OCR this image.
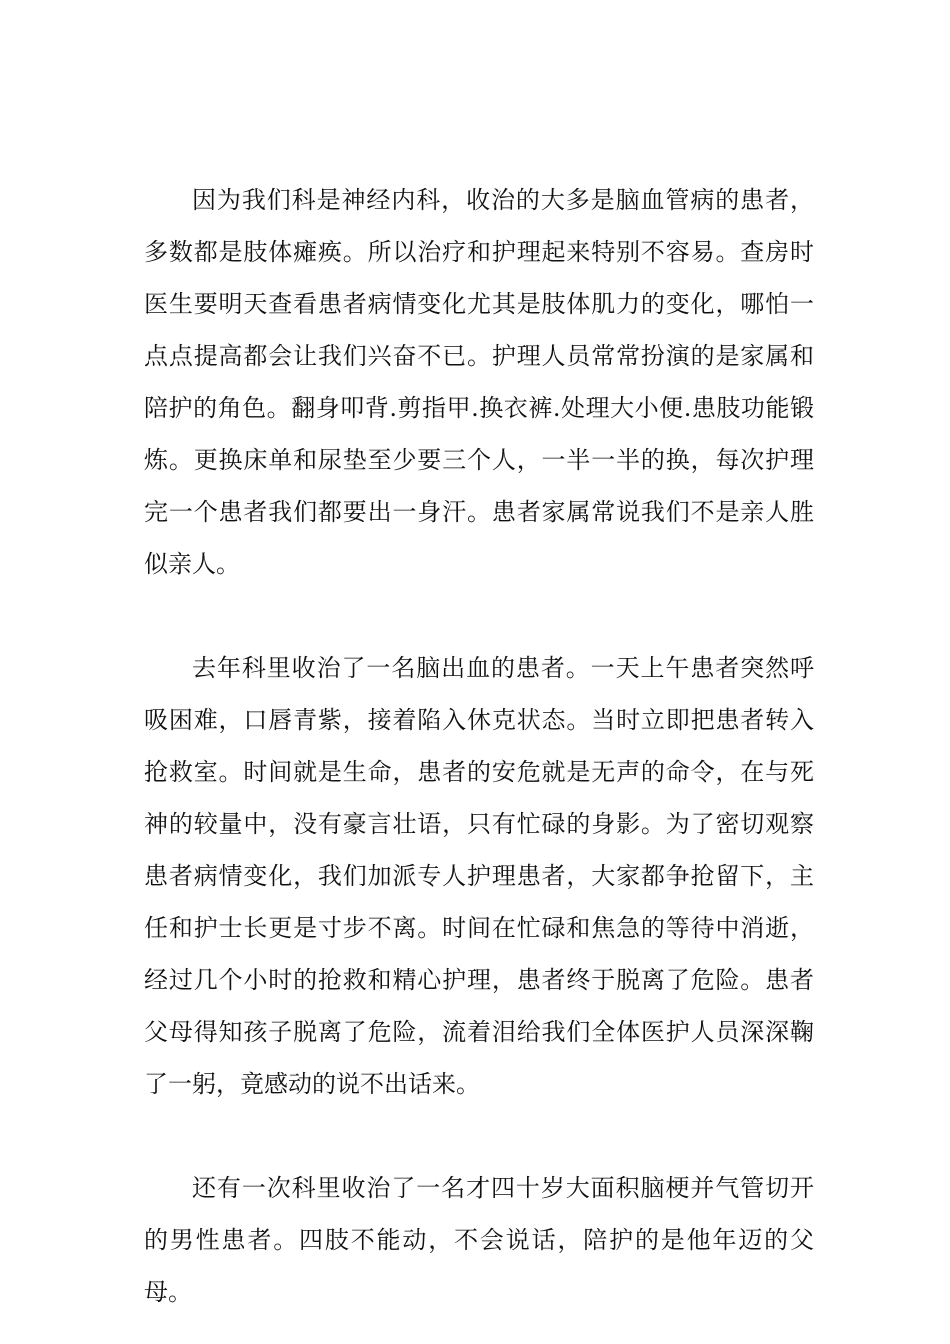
因为我们科是神经内科，收治的大多是脑血管病的患者，多数都是肢体瘫痪。所以治疗和护理起来特别不容易。查房时医生要明天查看患者病情变化尤其是肢体肌力的变化，哪怕一点点提高都会让我们兴奋不已。护理人员常常扮演的是家属和陪护的角色。翻身叩背.剪指甲.换衣裤.处理大小便.患肢功能锻炼。更换床单和尿垫至少要三个人，一半一半的换，每次护理完一个患者我们都要出一身汗。患者家属常说我们不是亲人胜似亲人。

去年科里收治了一名脑出血的患者。一天上午患者突然呼吸困难，口唇青紫，接着陷入休克状态。当时立即把患者转入抢救室。时间就是生命，患者的安危就是无声的命令，在与死神的较量中，没有豪言壮语，只有忙碌的身影。为了密切观察患者病情变化，我们加派专人护理患者，大家都争抢留下，主任和护士长更是寸步不离。时间在忙碌和焦急的等待中消逝，经过几个小时的抢救和精心护理，患者终于脱离了危险。患者父母得知孩子脱离了危险，流着泪给我们全体医护人员深深鞠了一躬，竟感动的说不出话来。

还有一次科里收治了一名才四十岁大面积脑梗并气管切开的男性患者。四肢不能动，不会说话，陪护的是他年迈的父母。
